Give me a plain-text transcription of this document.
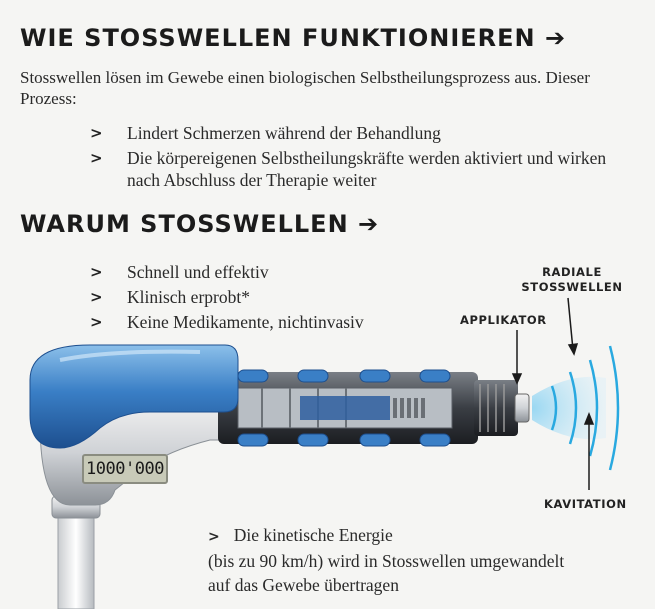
WIE STOSSWELLEN FUNKTIONIEREN ➔

Stosswellen lösen im Gewebe einen biologischen Selbstheilungsprozess aus. Dieser Prozess:

> Lindert Schmerzen während der Behandlung
> Die körpereigenen Selbstheilungskräfte werden aktiviert und wirken nach Abschluss der Therapie weiter
WARUM STOSSWELLEN ➔
> Schnell und effektiv
> Klinisch erprobt*
> Keine Medikamente, nichtinvasiv
1000'000
APPLIKATOR
RADIALE
STOSSWELLEN
KAVITATION
> Die kinetische Energie
(bis zu 90 km/h) wird in Stosswellen umgewandelt
auf das Gewebe übertragen
